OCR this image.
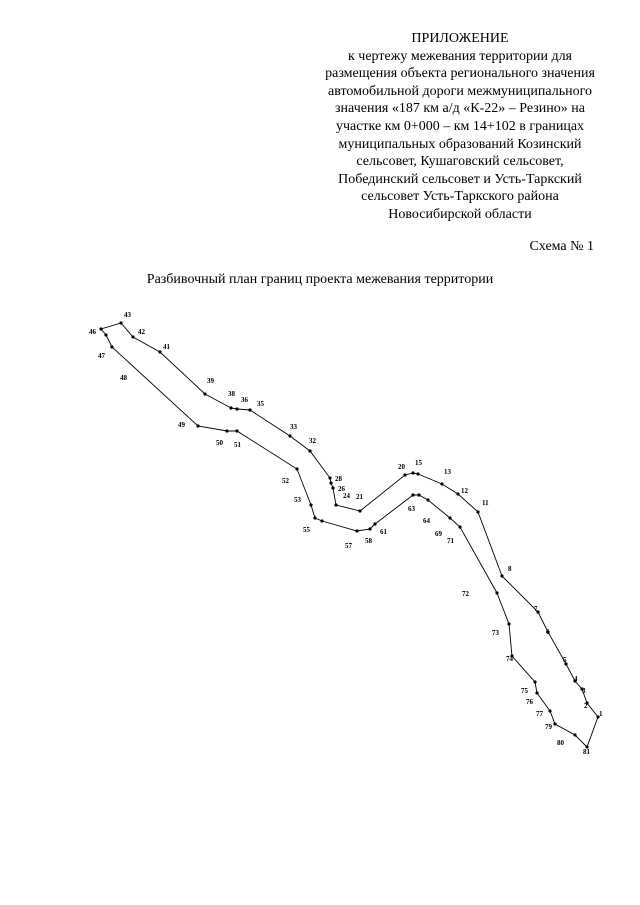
ПРИЛОЖЕНИЕ
к чертежу межевания территории для
размещения объекта регионального значения
автомобильной дороги межмуниципального
значения «187 км а/д «К-22» – Резино» на
участке км 0+000 – км 14+102 в границах
муниципальных образований Козинский
сельсовет, Кушаговский сельсовет,
Побединский сельсовет и Усть-Таркский
сельсовет Усть-Таркского района
Новосибирской области
Схема № 1
Разбивочный план границ проекта межевания территории
1
2
3
4
5
6
7
8
11
12
13
15
20
21
24
26
28
32
33
35
36
38
39
41
42
43
46
47
48
49
50 51
52
53
55
57
58
61
63
64
69
71
72
73
74
75
76
77
79
80
81
